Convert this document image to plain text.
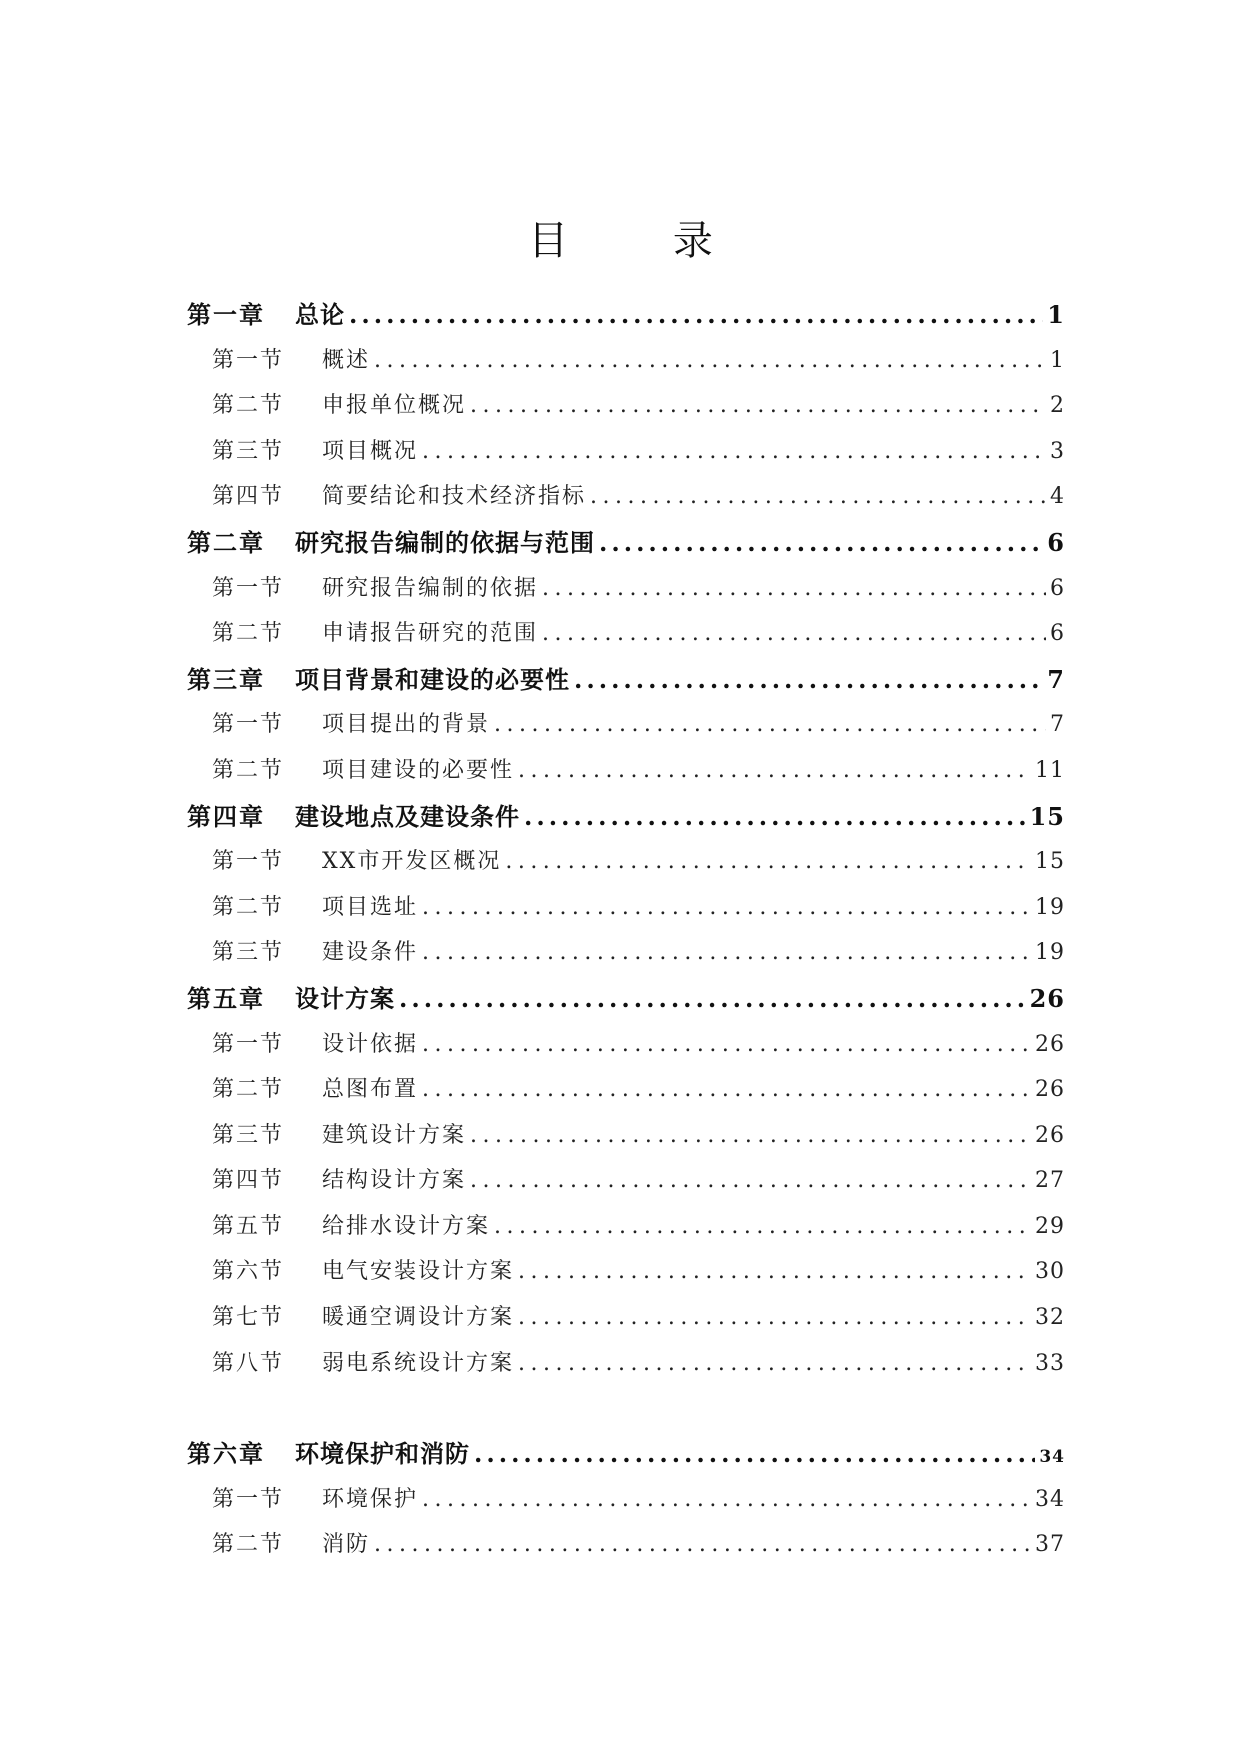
目 录
第一章	总论 .....	1
第一节	概述 .....	1
第二节	申报单位概况 .....	2
第三节	项目概况 .....	3
第四节	简要结论和技术经济指标 .....	4
第二章	研究报告编制的依据与范围 .....	6
第一节	研究报告编制的依据 .....	6
第二节	申请报告研究的范围 .....	6
第三章	项目背景和建设的必要性 .....	7
第一节	项目提出的背景 .....	7
第二节	项目建设的必要性 .....	11
第四章	建设地点及建设条件 .....	15
第一节	XX市开发区概况 .....	15
第二节	项目选址 .....	19
第三节	建设条件 .....	19
第五章	设计方案 .....	26
第一节	设计依据 .....	26
第二节	总图布置 .....	26
第三节	建筑设计方案 .....	26
第四节	结构设计方案 .....	27
第五节	给排水设计方案 .....	29
第六节	电气安装设计方案 .....	30
第七节	暖通空调设计方案 .....	32
第八节	弱电系统设计方案 .....	33
第六章	环境保护和消防 .....	34
第一节	环境保护 .....	34
第二节	消防 .....	37
